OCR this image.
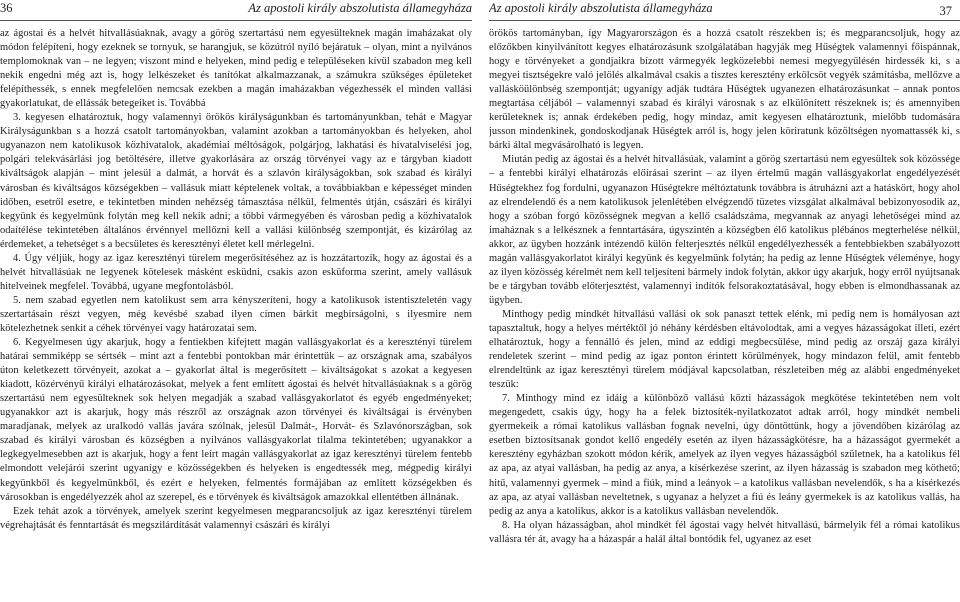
36	Az apostoli király abszolutista államegyháza

az ágostai és a helvét hitvallásúaknak, avagy a görög szertartású nem egyesülteknek magán imaházakat oly módon felépíteni, hogy ezeknek se tornyuk, se harangjuk, se közútról nyíló bejáratuk – olyan, mint a nyilvános templomoknak van – ne legyen; viszont mind e helyeken, mind pedig e településeken kívül szabadon meg kell nekik engedni még azt is, hogy lelkészeket és tanítókat alkalmazzanak, a számukra szükséges épületeket felépíthessék, s ennek megfelelően nemcsak ezekben a magán imaházakban végezhessék el minden vallási gyakorlatukat, de ellássák betegeiket is. Továbbá

3. kegyesen elhatároztuk, hogy valamennyi örökös királyságunkban és tartományunkban, tehát e Magyar Királyságunkban s a hozzá csatolt tartományokban, valamint azokban a tartományokban és helyeken, ahol ugyanazon nem katolikusok közhivatalok, akadémiai méltóságok, polgárjog, lakhatási és hivatalviselési jog, polgári telekvásárlási jog betöltésére, illetve gyakorlására az ország törvényei vagy az e tárgyban kiadott kiváltságok alapján – mint jelesül a dalmát, a horvát és a szlavón királyságokban, sok szabad és királyi városban és kiváltságos községekben – vallásuk miatt képtelenek voltak, a továbbiakban e képességet minden időben, esetről esetre, e tekintetben minden nehézség támasztása nélkül, felmentés útján, császári és királyi kegyünk és kegyelmünk folytán meg kell nekik adni; a többi vármegyében és városban pedig a közhivatalok odaítélése tekintetében általános érvénnyel mellőzni kell a vallási különbség szempontját, és kizárólag az érdemeket, a tehetséget s a becsületes és keresztényi életet kell mérlegelni.

4. Úgy véljük, hogy az igaz keresztényi türelem megerősítéséhez az is hozzátartozik, hogy az ágostai és a helvét hitvallásúak ne legyenek kötelesek másként esküdni, csakis azon esküforma szerint, amely vallásuk hitelveinek megfelel. Továbbá, ugyane megfontolásból.

5. nem szabad egyetlen nem katolikust sem arra kényszeríteni, hogy a katolikusok istentiszteletén vagy szertartásain részt vegyen, még kevésbé szabad ilyen címen bárkit megbírságolni, s ilyesmire nem kötelezhetnek senkit a céhek törvényei vagy határozatai sem.

6. Kegyelmesen úgy akarjuk, hogy a fentiekben kifejtett magán vallásgyakorlat és a keresztényi türelem határai semmiképp se sértsék – mint azt a fentebbi pontokban már érintettük – az országnak ama, szabályos úton keletkezett törvényeit, azokat a – gyakorlat által is megerősített – kiváltságokat s azokat a kegyesen kiadott, közérvényű királyi elhatározásokat, melyek a fent említett ágostai és helvét hitvallásúaknak s a görög szertartású nem egyesülteknek sok helyen megadják a szabad vallásgyakorlatot és egyéb engedményeket; ugyanakkor azt is akarjuk, hogy más részről az országnak azon törvényei és kiváltságai is érvényben maradjanak, melyek az uralkodó vallás javára szólnak, jelesül Dalmát-, Horvát- és Szlavónországban, sok szabad és királyi városban és községben a nyilvános vallásgyakorlat tilalma tekintetében; ugyanakkor a legkegyelmesebben azt is akarjuk, hogy a fent leírt magán vallásgyakorlat az igaz keresztényi türelem fentebb elmondott velejárói szerint ugyanígy e közösségekben és helyeken is engedtessék meg, mégpedig királyi kegyünkből és kegyelmünkből, és ezért e helyeken, felmentés formájában az említett községekben és városokban is engedélyezzék ahol az szerepel, és e törvények és kiváltságok amazokkal ellentétben állnának.

Ezek tehát azok a törvények, amelyek szerint kegyelmesen megparancsoljuk az igaz keresztényi türelem végrehajtását és fenntartását és megszilárdítását valamennyi császári és királyi

Az apostoli király abszolutista államegyháza	37

örökös tartományban, így Magyarországon és a hozzá csatolt részekben is; és megparancsoljuk, hogy az előzőkben kinyilvánított kegyes elhatározásunk szolgálatában hagyják meg Hűségtek valamennyi főispánnak, hogy e törvényeket a gondjaikra bízott vármegyék legközelebbi nemesi megyegyűlésén hirdessék ki, s a megyei tisztségekre való jelölés alkalmával csakis a tisztes keresztény erkölcsöt vegyék számításba, mellőzve a vallásköülönbség szempontját; ugyanígy adják tudtára Hűségtek ugyanezen elhatározásunkat – annak pontos megtartása céljából – valamennyi szabad és királyi városnak s az elkülönített részeknek is; és amennyiben kerületeknek is; annak érdekében pedig, hogy mindaz, amit kegyesen elhatároztunk, mielőbb tudomására jusson mindenkinek, gondoskodjanak Hűségtek arról is, hogy jelen köriratunk közöltségen nyomattassék ki, s bárki által megvásárolható is legyen.

Miután pedig az ágostai és a helvét hitvallásúak, valamint a görög szertartású nem egyesültek sok közössége – a fentebbi királyi elhatározás előírásai szerint – az ilyen értelmű magán vallásgyakorlat engedélyezését Hűségtekhez fog fordulni, ugyanazon Hűségtekre méltóztatunk továbbra is átruházni azt a hatáskört, hogy ahol az elrendelendő és a nem katolikusok jelenlétében elvégzendő tüzetes vizsgálat alkalmával bebizonyosodik az, hogy a szóban forgó közösségnek megvan a kellő családszáma, megvannak az anyagi lehetőségei mind az imaháznak s a lelkésznek a fenntartására, úgyszintén a községben élő katolikus plébános megterhelése nélkül, akkor, az ügyben hozzánk intézendő külön felterjesztés nélkül engedélyezhessék a fentebbiekben szabályozott magán vallásgyakorlatot királyi kegyünk és kegyelmünk folytán; ha pedig az lenne Hűségtek véleménye, hogy az ilyen közösség kérelmét nem kell teljesíteni bármely indok folytán, akkor úgy akarjuk, hogy erről nyújtsanak be e tárgyban tovább előterjesztést, valamennyi indítók felsorakoztatásával, hogy ebben is elmondhassanak az ügyben.

Minthogy pedig mindkét hitvallású vallási ok sok panaszt tettek elénk, mi pedig nem is homályosan azt tapasztaltuk, hogy a helyes mértéktől jó néhány kérdésben eltávolodtak, ami a vegyes házasságokat illeti, ezért elhatároztuk, hogy a fennálló és jelen, mind az eddigi megbecsülése, mind pedig az orszáj gaza királyi rendeletek szerint – mind pedig az igaz ponton érintett körülmények, hogy mindazon felül, amit fentebb elrendeltünk az igaz keresztényi türelem módjával kapcsolatban, részleteiben még az alábbi engedményeket teszük:

7. Minthogy mind ez idáig a különböző vallású közti házasságok megkötése tekintetében nem volt megengedett, csakis úgy, hogy ha a felek biztosíték-nyilatkozatot adtak arról, hogy mindkét nembeli gyermekeik a római katolikus vallásban fognak nevelni, úgy döntöttünk, hogy a jövendőben kizárólag az esetben biztosítsanak gondot kellő engedély esetén az ilyen házasságkötésre, ha a házasságot gyermekét a keresztény egyházban szokott módon kérik, amelyek az ilyen vegyes házasságból születnek, ha a katolikus fél az apa, az atyai vallásban, ha pedig az anya, a kísérkezése szerint, az ilyen házasság is szabadon meg köthető; hitű, valamennyi gyermek – mind a fiúk, mind a leányok – a katolikus vallásban nevelendők, s ha a kísérkezés az apa, az atyai vallásban neveltetnek, s ugyanaz a helyzet a fiú és leány gyermekek is az katolikus vallás, ha pedig az anya a katolikus, akkor is a katolikus vallásban nevelendők.

8. Ha olyan házasságban, ahol mindkét fél ágostai vagy helvét hitvallású, bármelyik fél a római katolikus vallásra tér át, avagy ha a házaspár a halál által bontódik fel, ugyanez az eset
